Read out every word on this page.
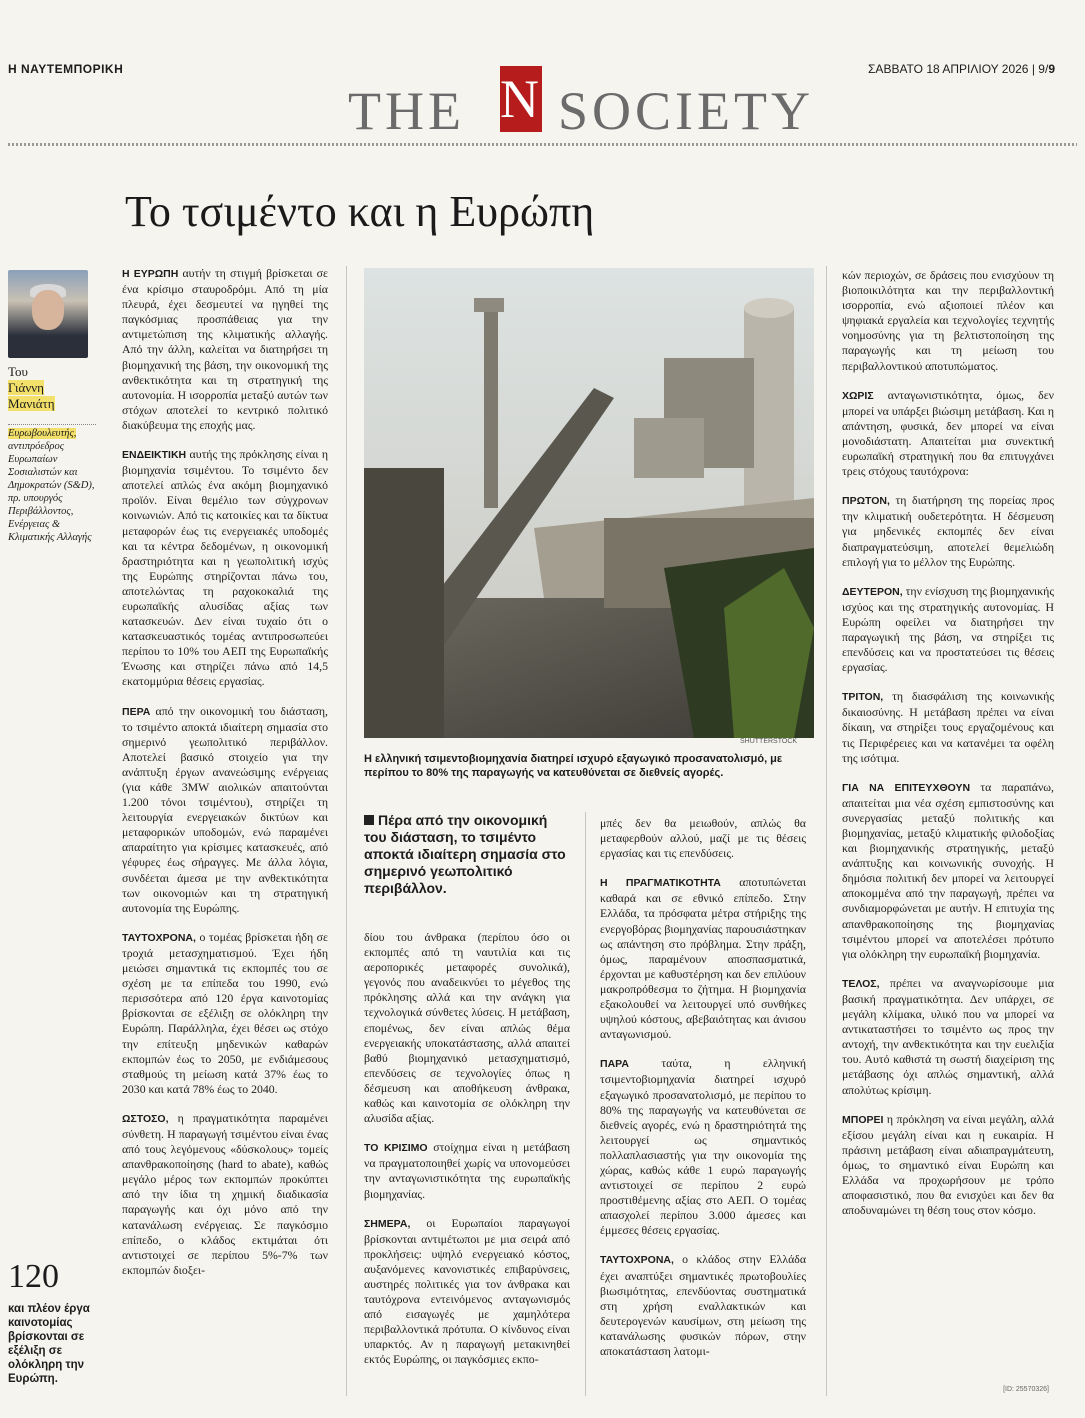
Η ΝΑΥΤΕΜΠΟΡΙΚΗ	ΣΑΒΒΑΤΟ 18 ΑΠΡΙΛΙΟΥ 2026 | 9/9
THE N SOCIETY
Το τσιμέντο και η Ευρώπη
Του
Γιάννη
Μανιάτη
Ευρωβουλευτής, αντιπρόεδρος Ευρωπαίων Σοσιαλιστών και Δημοκρατών (S&D), πρ. υπουργός Περιβάλλοντος, Ενέργειας & Κλιματικής Αλλαγής
120
και πλέον έργα καινοτομίας βρίσκονται σε εξέλιξη σε ολόκληρη την Ευρώπη.

Η ΕΥΡΩΠΗ αυτήν τη στιγμή βρίσκεται σε ένα κρίσιμο σταυροδρόμι. Από τη μία πλευρά, έχει δεσμευτεί να ηγηθεί της παγκόσμιας προσπάθειας για την αντιμετώπιση της κλιματικής αλλαγής. Από την άλλη, καλείται να διατηρήσει τη βιομηχανική της βάση, την οικονομική της ανθεκτικότητα και τη στρατηγική της αυτονομία. Η ισορροπία μεταξύ αυτών των στόχων αποτελεί το κεντρικό πολιτικό διακύβευμα της εποχής μας.

ΕΝΔΕΙΚΤΙΚΗ αυτής της πρόκλησης είναι η βιομηχανία τσιμέντου. Το τσιμέντο δεν αποτελεί απλώς ένα ακόμη βιομηχανικό προϊόν. Είναι θεμέλιο των σύγχρονων κοινωνιών. Από τις κατοικίες και τα δίκτυα μεταφορών έως τις ενεργειακές υποδομές και τα κέντρα δεδομένων, η οικονομική δραστηριότητα και η γεωπολιτική ισχύς της Ευρώπης στηρίζονται πάνω του, αποτελώντας τη ραχοκοκαλιά της ευρωπαϊκής αλυσίδας αξίας των κατασκευών. Δεν είναι τυχαίο ότι ο κατασκευαστικός τομέας αντιπροσωπεύει περίπου το 10% του ΑΕΠ της Ευρωπαϊκής Ένωσης και στηρίζει πάνω από 14,5 εκατομμύρια θέσεις εργασίας.

ΠΕΡΑ από την οικονομική του διάσταση, το τσιμέντο αποκτά ιδιαίτερη σημασία στο σημερινό γεωπολιτικό περιβάλλον. Αποτελεί βασικό στοιχείο για την ανάπτυξη έργων ανανεώσιμης ενέργειας (για κάθε 3MW αιολικών απαιτούνται 1.200 τόνοι τσιμέντου), στηρίζει τη λειτουργία ενεργειακών δικτύων και μεταφορικών υποδομών, ενώ παραμένει απαραίτητο για κρίσιμες κατασκευές, από γέφυρες έως σήραγγες. Με άλλα λόγια, συνδέεται άμεσα με την ανθεκτικότητα των οικονομιών και τη στρατηγική αυτονομία της Ευρώπης.

ΤΑΥΤΟΧΡΟΝΑ, ο τομέας βρίσκεται ήδη σε τροχιά μετασχηματισμού. Έχει ήδη μειώσει σημαντικά τις εκπομπές του σε σχέση με τα επίπεδα του 1990, ενώ περισσότερα από 120 έργα καινοτομίας βρίσκονται σε εξέλιξη σε ολόκληρη την Ευρώπη. Παράλληλα, έχει θέσει ως στόχο την επίτευξη μηδενικών καθαρών εκπομπών έως το 2050, με ενδιάμεσους σταθμούς τη μείωση κατά 37% έως το 2030 και κατά 78% έως το 2040.

ΩΣΤΟΣΟ, η πραγματικότητα παραμένει σύνθετη. Η παραγωγή τσιμέντου είναι ένας από τους λεγόμενους «δύσκολους» τομείς απανθρακοποίησης (hard to abate), καθώς μεγάλο μέρος των εκπομπών προκύπτει από την ίδια τη χημική διαδικασία παραγωγής και όχι μόνο από την κατανάλωση ενέργειας. Σε παγκόσμιο επίπεδο, ο κλάδος εκτιμάται ότι αντιστοιχεί σε περίπου 5%-7% των εκπομπών διοξει-

SHUTTERSTOCK
Η ελληνική τσιμεντοβιομηχανία διατηρεί ισχυρό εξαγωγικό προσανατολισμό, με περίπου το 80% της παραγωγής να κατευθύνεται σε διεθνείς αγορές.
Πέρα από την οικονομική του διάσταση, το τσιμέντο αποκτά ιδιαίτερη σημασία στο σημερινό γεωπολιτικό περιβάλλον.

δίου του άνθρακα (περίπου όσο οι εκπομπές από τη ναυτιλία και τις αεροπορικές μεταφορές συνολικά), γεγονός που αναδεικνύει το μέγεθος της πρόκλησης αλλά και την ανάγκη για τεχνολογικά σύνθετες λύσεις. Η μετάβαση, επομένως, δεν είναι απλώς θέμα ενεργειακής υποκατάστασης, αλλά απαιτεί βαθύ βιομηχανικό μετασχηματισμό, επενδύσεις σε τεχνολογίες όπως η δέσμευση και αποθήκευση άνθρακα, καθώς και καινοτομία σε ολόκληρη την αλυσίδα αξίας.

ΤΟ ΚΡΙΣΙΜΟ στοίχημα είναι η μετάβαση να πραγματοποιηθεί χωρίς να υπονομεύσει την ανταγωνιστικότητα της ευρωπαϊκής βιομηχανίας.

ΣΗΜΕΡΑ, οι Ευρωπαίοι παραγωγοί βρίσκονται αντιμέτωποι με μια σειρά από προκλήσεις: υψηλό ενεργειακό κόστος, αυξανόμενες κανονιστικές επιβαρύνσεις, αυστηρές πολιτικές για τον άνθρακα και ταυτόχρονα εντεινόμενος ανταγωνισμός από εισαγωγές με χαμηλότερα περιβαλλοντικά πρότυπα. Ο κίνδυνος είναι υπαρκτός. Αν η παραγωγή μετακινηθεί εκτός Ευρώπης, οι παγκόσμιες εκπο-

μπές δεν θα μειωθούν, απλώς θα μεταφερθούν αλλού, μαζί με τις θέσεις εργασίας και τις επενδύσεις.

Η ΠΡΑΓΜΑΤΙΚΟΤΗΤΑ αποτυπώνεται καθαρά και σε εθνικό επίπεδο. Στην Ελλάδα, τα πρόσφατα μέτρα στήριξης της ενεργοβόρας βιομηχανίας παρουσιάστηκαν ως απάντηση στο πρόβλημα. Στην πράξη, όμως, παραμένουν αποσπασματικά, έρχονται με καθυστέρηση και δεν επιλύουν μακροπρόθεσμα το ζήτημα. Η βιομηχανία εξακολουθεί να λειτουργεί υπό συνθήκες υψηλού κόστους, αβεβαιότητας και άνισου ανταγωνισμού.

ΠΑΡΑ ταύτα, η ελληνική τσιμεντοβιομηχανία διατηρεί ισχυρό εξαγωγικό προσανατολισμό, με περίπου το 80% της παραγωγής να κατευθύνεται σε διεθνείς αγορές, ενώ η δραστηριότητά της λειτουργεί ως σημαντικός πολλαπλασιαστής για την οικονομία της χώρας, καθώς κάθε 1 ευρώ παραγωγής αντιστοιχεί σε περίπου 2 ευρώ προστιθέμενης αξίας στο ΑΕΠ. Ο τομέας απασχολεί περίπου 3.000 άμεσες και έμμεσες θέσεις εργασίας.

ΤΑΥΤΟΧΡΟΝΑ, ο κλάδος στην Ελλάδα έχει αναπτύξει σημαντικές πρωτοβουλίες βιωσιμότητας, επενδύοντας συστηματικά στη χρήση εναλλακτικών και δευτερογενών καυσίμων, στη μείωση της κατανάλωσης φυσικών πόρων, στην αποκατάσταση λατομι-

κών περιοχών, σε δράσεις που ενισχύουν τη βιοποικιλότητα και την περιβαλλοντική ισορροπία, ενώ αξιοποιεί πλέον και ψηφιακά εργαλεία και τεχνολογίες τεχνητής νοημοσύνης για τη βελτιστοποίηση της παραγωγής και τη μείωση του περιβαλλοντικού αποτυπώματος.

ΧΩΡΙΣ ανταγωνιστικότητα, όμως, δεν μπορεί να υπάρξει βιώσιμη μετάβαση. Και η απάντηση, φυσικά, δεν μπορεί να είναι μονοδιάστατη. Απαιτείται μια συνεκτική ευρωπαϊκή στρατηγική που θα επιτυγχάνει τρεις στόχους ταυτόχρονα:

ΠΡΩΤΟΝ, τη διατήρηση της πορείας προς την κλιματική ουδετερότητα. Η δέσμευση για μηδενικές εκπομπές δεν είναι διαπραγματεύσιμη, αποτελεί θεμελιώδη επιλογή για το μέλλον της Ευρώπης.

ΔΕΥΤΕΡΟΝ, την ενίσχυση της βιομηχανικής ισχύος και της στρατηγικής αυτονομίας. Η Ευρώπη οφείλει να διατηρήσει την παραγωγική της βάση, να στηρίξει τις επενδύσεις και να προστατεύσει τις θέσεις εργασίας.

ΤΡΙΤΟΝ, τη διασφάλιση της κοινωνικής δικαιοσύνης. Η μετάβαση πρέπει να είναι δίκαιη, να στηρίξει τους εργαζομένους και τις Περιφέρειες και να κατανέμει τα οφέλη της ισότιμα.

ΓΙΑ ΝΑ ΕΠΙΤΕΥΧΘΟΥΝ τα παραπάνω, απαιτείται μια νέα σχέση εμπιστοσύνης και συνεργασίας μεταξύ πολιτικής και βιομηχανίας, μεταξύ κλιματικής φιλοδοξίας και βιομηχανικής στρατηγικής, μεταξύ ανάπτυξης και κοινωνικής συνοχής. Η δημόσια πολιτική δεν μπορεί να λειτουργεί αποκομμένα από την παραγωγή, πρέπει να συνδιαμορφώνεται με αυτήν. Η επιτυχία της απανθρακοποίησης της βιομηχανίας τσιμέντου μπορεί να αποτελέσει πρότυπο για ολόκληρη την ευρωπαϊκή βιομηχανία.

ΤΕΛΟΣ, πρέπει να αναγνωρίσουμε μια βασική πραγματικότητα. Δεν υπάρχει, σε μεγάλη κλίμακα, υλικό που να μπορεί να αντικαταστήσει το τσιμέντο ως προς την αντοχή, την ανθεκτικότητα και την ευελιξία του. Αυτό καθιστά τη σωστή διαχείριση της μετάβασης όχι απλώς σημαντική, αλλά απολύτως κρίσιμη.

ΜΠΟΡΕΙ η πρόκληση να είναι μεγάλη, αλλά εξίσου μεγάλη είναι και η ευκαιρία. Η πράσινη μετάβαση είναι αδιαπραγμάτευτη, όμως, το σημαντικό είναι Ευρώπη και Ελλάδα να προχωρήσουν με τρόπο αποφασιστικό, που θα ενισχύει και δεν θα αποδυναμώνει τη θέση τους στον κόσμο.

[ID: 25570326]
